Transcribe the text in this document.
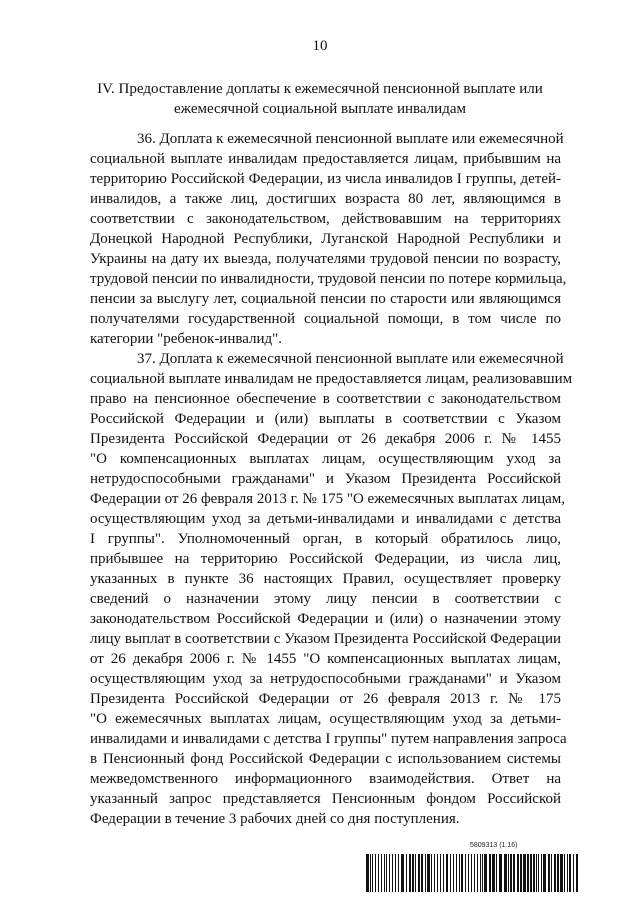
10
IV. Предоставление доплаты к ежемесячной пенсионной выплате или
ежемесячной социальной выплате инвалидам
36. Доплата к ежемесячной пенсионной выплате или ежемесячной
социальной выплате инвалидам предоставляется лицам, прибывшим на
территорию Российской Федерации, из числа инвалидов I группы, детей-
инвалидов, а также лиц, достигших возраста 80 лет, являющимся в
соответствии с законодательством, действовавшим на территориях
Донецкой Народной Республики, Луганской Народной Республики и
Украины на дату их выезда, получателями трудовой пенсии по возрасту,
трудовой пенсии по инвалидности, трудовой пенсии по потере кормильца,
пенсии за выслугу лет, социальной пенсии по старости или являющимся
получателями государственной социальной помощи, в том числе по
категории "ребенок-инвалид".
37. Доплата к ежемесячной пенсионной выплате или ежемесячной
социальной выплате инвалидам не предоставляется лицам, реализовавшим
право на пенсионное обеспечение в соответствии с законодательством
Российской Федерации и (или) выплаты в соответствии с Указом
Президента Российской Федерации от 26 декабря 2006 г. № 1455
"О компенсационных выплатах лицам, осуществляющим уход за
нетрудоспособными гражданами" и Указом Президента Российской
Федерации от 26 февраля 2013 г. № 175 "О ежемесячных выплатах лицам,
осуществляющим уход за детьми-инвалидами и инвалидами с детства
I группы". Уполномоченный орган, в который обратилось лицо,
прибывшее на территорию Российской Федерации, из числа лиц,
указанных в пункте 36 настоящих Правил, осуществляет проверку
сведений о назначении этому лицу пенсии в соответствии с
законодательством Российской Федерации и (или) о назначении этому
лицу выплат в соответствии с Указом Президента Российской Федерации
от 26 декабря 2006 г. № 1455 "О компенсационных выплатах лицам,
осуществляющим уход за нетрудоспособными гражданами" и Указом
Президента Российской Федерации от 26 февраля 2013 г. № 175
"О ежемесячных выплатах лицам, осуществляющим уход за детьми-
инвалидами и инвалидами с детства I группы" путем направления запроса
в Пенсионный фонд Российской Федерации с использованием системы
межведомственного информационного взаимодействия. Ответ на
указанный запрос представляется Пенсионным фондом Российской
Федерации в течение 3 рабочих дней со дня поступления.
5809313 (1.16)
